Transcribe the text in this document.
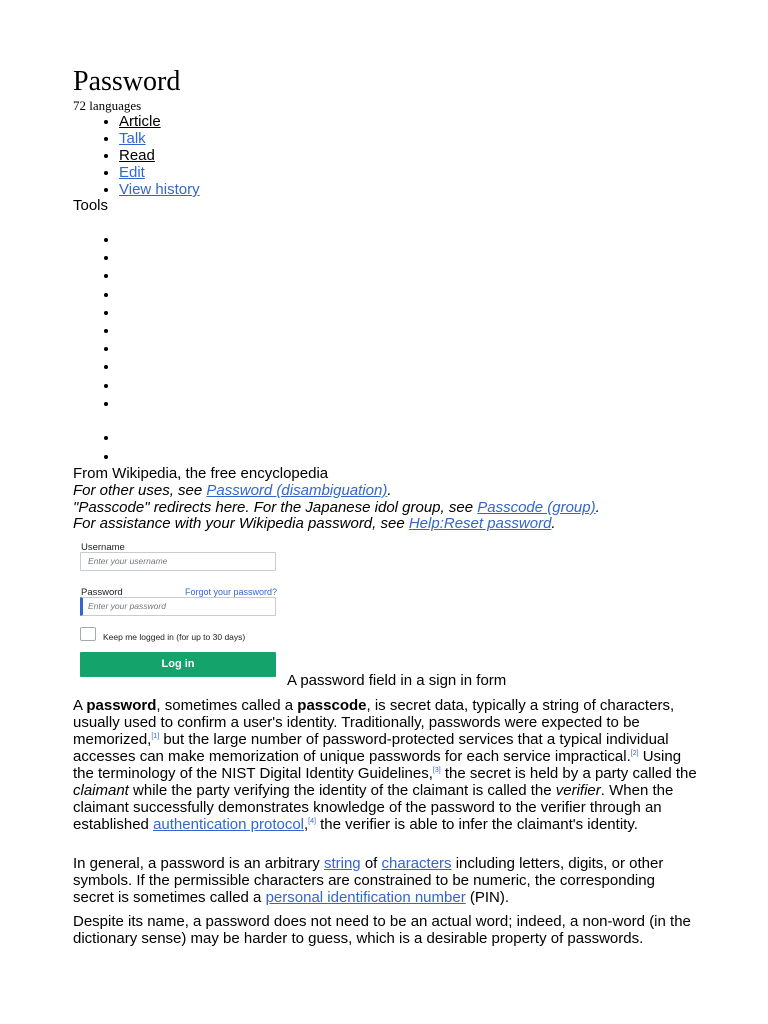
Password
72 languages
• Article
• Talk
• Read
• Edit
• View history
Tools
From Wikipedia, the free encyclopedia
For other uses, see Password (disambiguation).
"Passcode" redirects here. For the Japanese idol group, see Passcode (group).
For assistance with your Wikipedia password, see Help:Reset password.
Username
Enter your username
Password	Forgot your password?
Enter your password
Keep me logged in (for up to 30 days)
Log in
A password field in a sign in form

A password, sometimes called a passcode, is secret data, typically a string of characters, usually used to confirm a user's identity. Traditionally, passwords were expected to be memorized,[1] but the large number of password-protected services that a typical individual accesses can make memorization of unique passwords for each service impractical.[2] Using the terminology of the NIST Digital Identity Guidelines,[3] the secret is held by a party called the claimant while the party verifying the identity of the claimant is called the verifier. When the claimant successfully demonstrates knowledge of the password to the verifier through an established authentication protocol,[4] the verifier is able to infer the claimant's identity.

In general, a password is an arbitrary string of characters including letters, digits, or other symbols. If the permissible characters are constrained to be numeric, the corresponding secret is sometimes called a personal identification number (PIN).

Despite its name, a password does not need to be an actual word; indeed, a non-word (in the dictionary sense) may be harder to guess, which is a desirable property of passwords.
